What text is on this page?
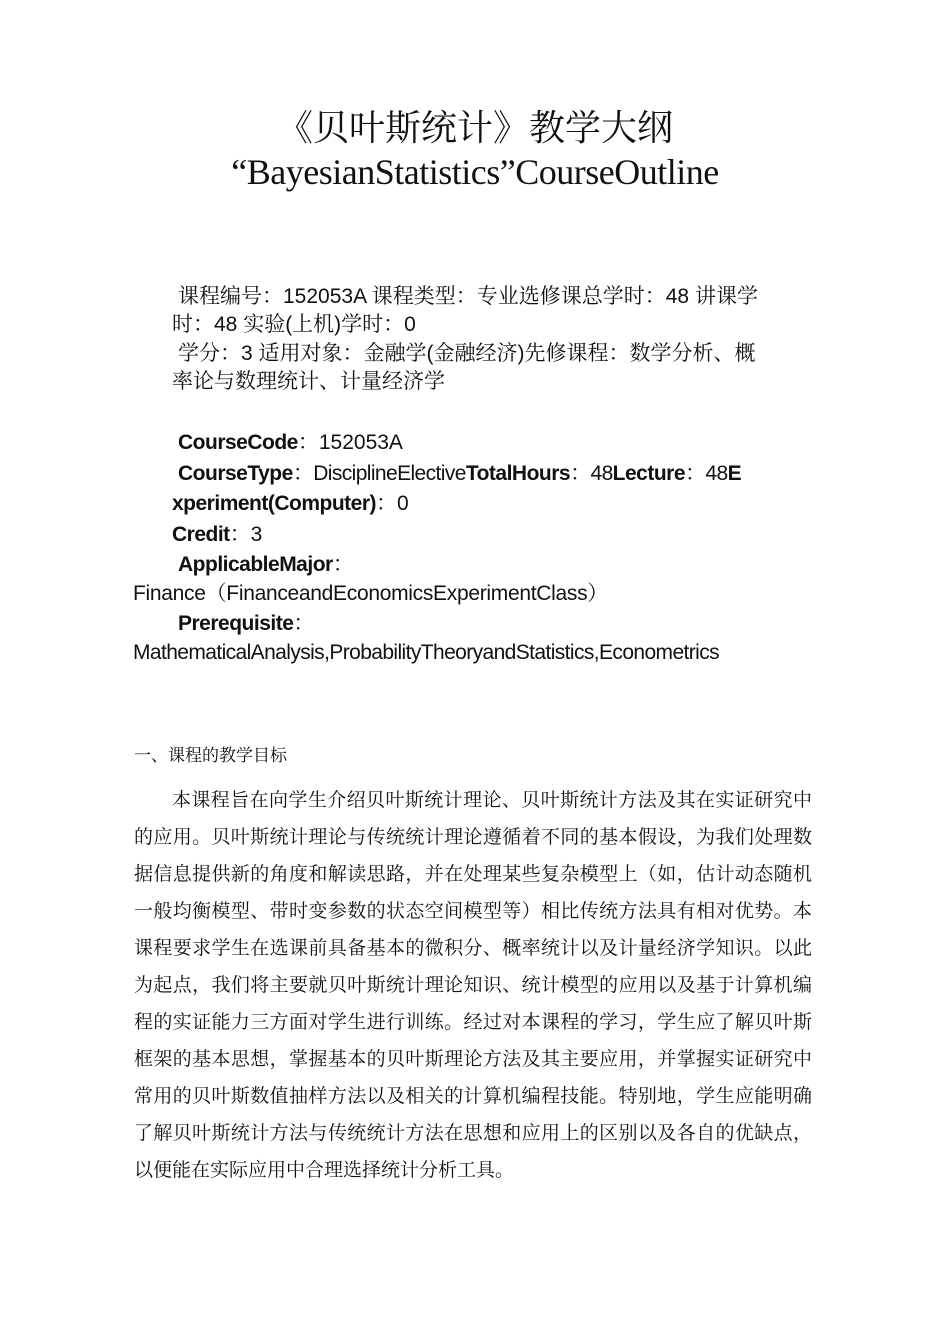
《贝叶斯统计》教学大纲
“BayesianStatistics”CourseOutline
课程编号：152053A 课程类型：专业选修课总学时：48 讲课学
时：48 实验(上机)学时：0
学分：3 适用对象：金融学(金融经济)先修课程：数学分析、概
率论与数理统计、计量经济学
CourseCode：152053A
CourseType：DisciplineElectiveTotalHours：48Lecture：48E
xperiment(Computer)：0
Credit：3
ApplicableMajor：
Finance（FinanceandEconomicsExperimentClass）
Prerequisite：
MathematicalAnalysis,ProbabilityTheoryandStatistics,Econometrics
一、课程的教学目标
本课程旨在向学生介绍贝叶斯统计理论、贝叶斯统计方法及其在实证研究中的应用。贝叶斯统计理论与传统统计理论遵循着不同的基本假设，为我们处理数据信息提供新的角度和解读思路，并在处理某些复杂模型上（如，估计动态随机一般均衡模型、带时变参数的状态空间模型等）相比传统方法具有相对优势。本课程要求学生在选课前具备基本的微积分、概率统计以及计量经济学知识。以此为起点，我们将主要就贝叶斯统计理论知识、统计模型的应用以及基于计算机编程的实证能力三方面对学生进行训练。经过对本课程的学习，学生应了解贝叶斯框架的基本思想，掌握基本的贝叶斯理论方法及其主要应用，并掌握实证研究中常用的贝叶斯数值抽样方法以及相关的计算机编程技能。特别地，学生应能明确了解贝叶斯统计方法与传统统计方法在思想和应用上的区别以及各自的优缺点，以便能在实际应用中合理选择统计分析工具。
